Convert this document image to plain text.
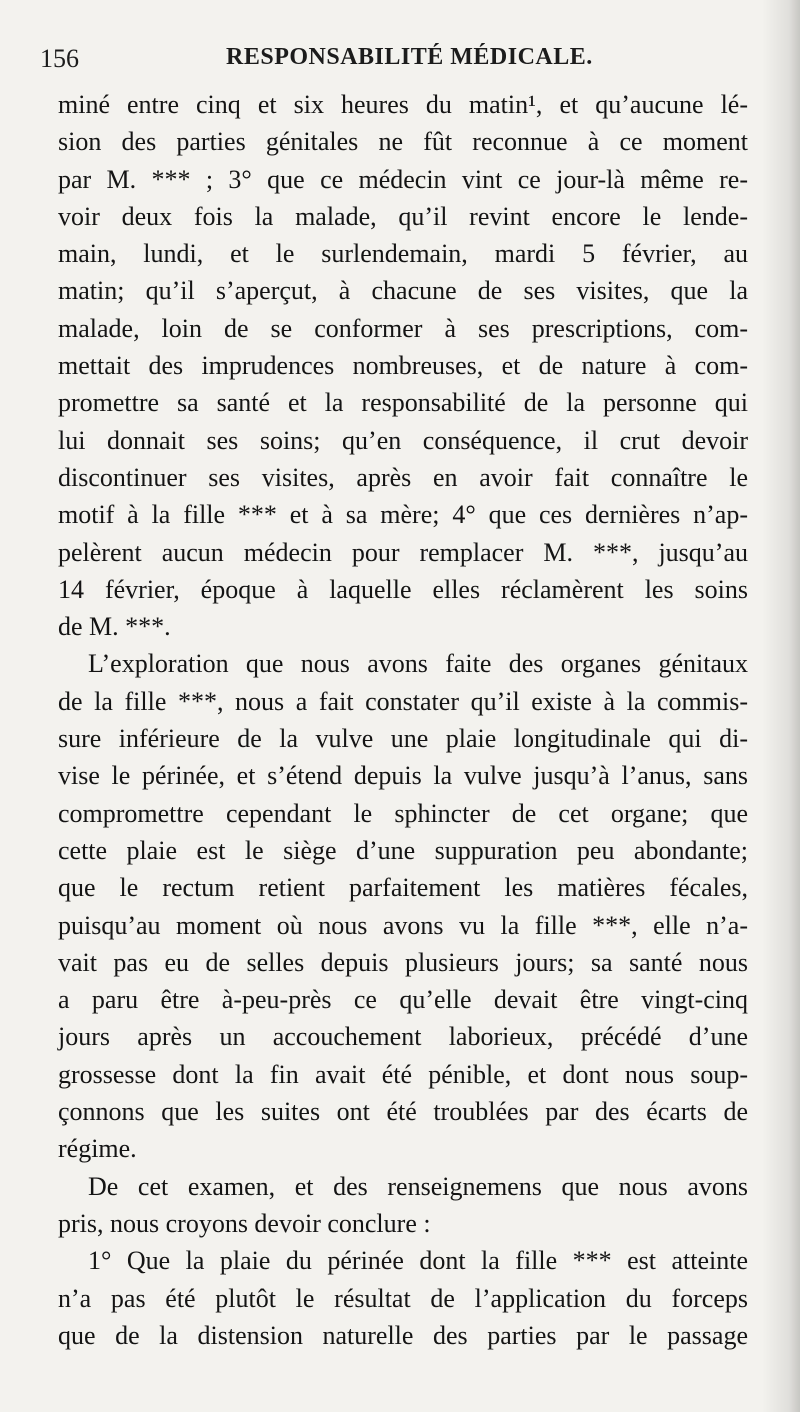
156	RESPONSABILITÉ MÉDICALE.
miné entre cinq et six heures du matin¹, et qu’aucune lé-
sion des parties génitales ne fût reconnue à ce moment
par M. *** ; 3° que ce médecin vint ce jour-là même re-
voir deux fois la malade, qu’il revint encore le lende-
main, lundi, et le surlendemain, mardi 5 février, au
matin; qu’il s’aperçut, à chacune de ses visites, que la
malade, loin de se conformer à ses prescriptions, com-
mettait des imprudences nombreuses, et de nature à com-
promettre sa santé et la responsabilité de la personne qui
lui donnait ses soins; qu’en conséquence, il crut devoir
discontinuer ses visites, après en avoir fait connaître le
motif à la fille *** et à sa mère; 4° que ces dernières n’ap-
pelèrent aucun médecin pour remplacer M. ***, jusqu’au
14 février, époque à laquelle elles réclamèrent les soins
de M. ***.
L’exploration que nous avons faite des organes génitaux
de la fille ***, nous a fait constater qu’il existe à la commis-
sure inférieure de la vulve une plaie longitudinale qui di-
vise le périnée, et s’étend depuis la vulve jusqu’à l’anus, sans
compromettre cependant le sphincter de cet organe; que
cette plaie est le siège d’une suppuration peu abondante;
que le rectum retient parfaitement les matières fécales,
puisqu’au moment où nous avons vu la fille ***, elle n’a-
vait pas eu de selles depuis plusieurs jours; sa santé nous
a paru être à-peu-près ce qu’elle devait être vingt-cinq
jours après un accouchement laborieux, précédé d’une
grossesse dont la fin avait été pénible, et dont nous soup-
çonnons que les suites ont été troublées par des écarts de
régime.
De cet examen, et des renseignemens que nous avons
pris, nous croyons devoir conclure :
1° Que la plaie du périnée dont la fille *** est atteinte
n’a pas été plutôt le résultat de l’application du forceps
que de la distension naturelle des parties par le passage
